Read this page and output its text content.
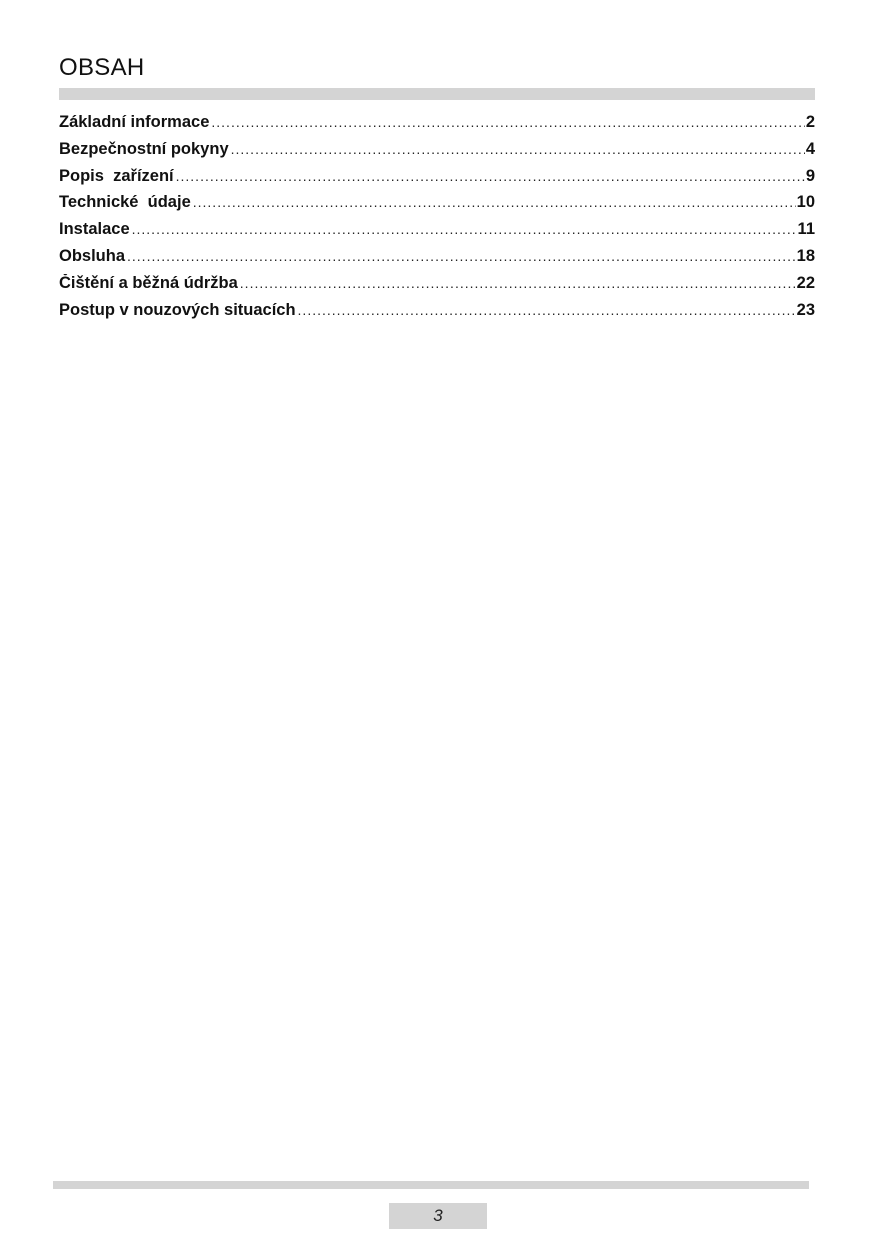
OBSAH
Základní informace .....	2
Bezpečnostní pokyny .....	4
Popis  zařízení .....	9
Technické  údaje .....	10
Instalace .....	11
Obsluha .....	18
Čištění a běžná údržba .....	22
Postup v nouzových situacích .....	23
3
